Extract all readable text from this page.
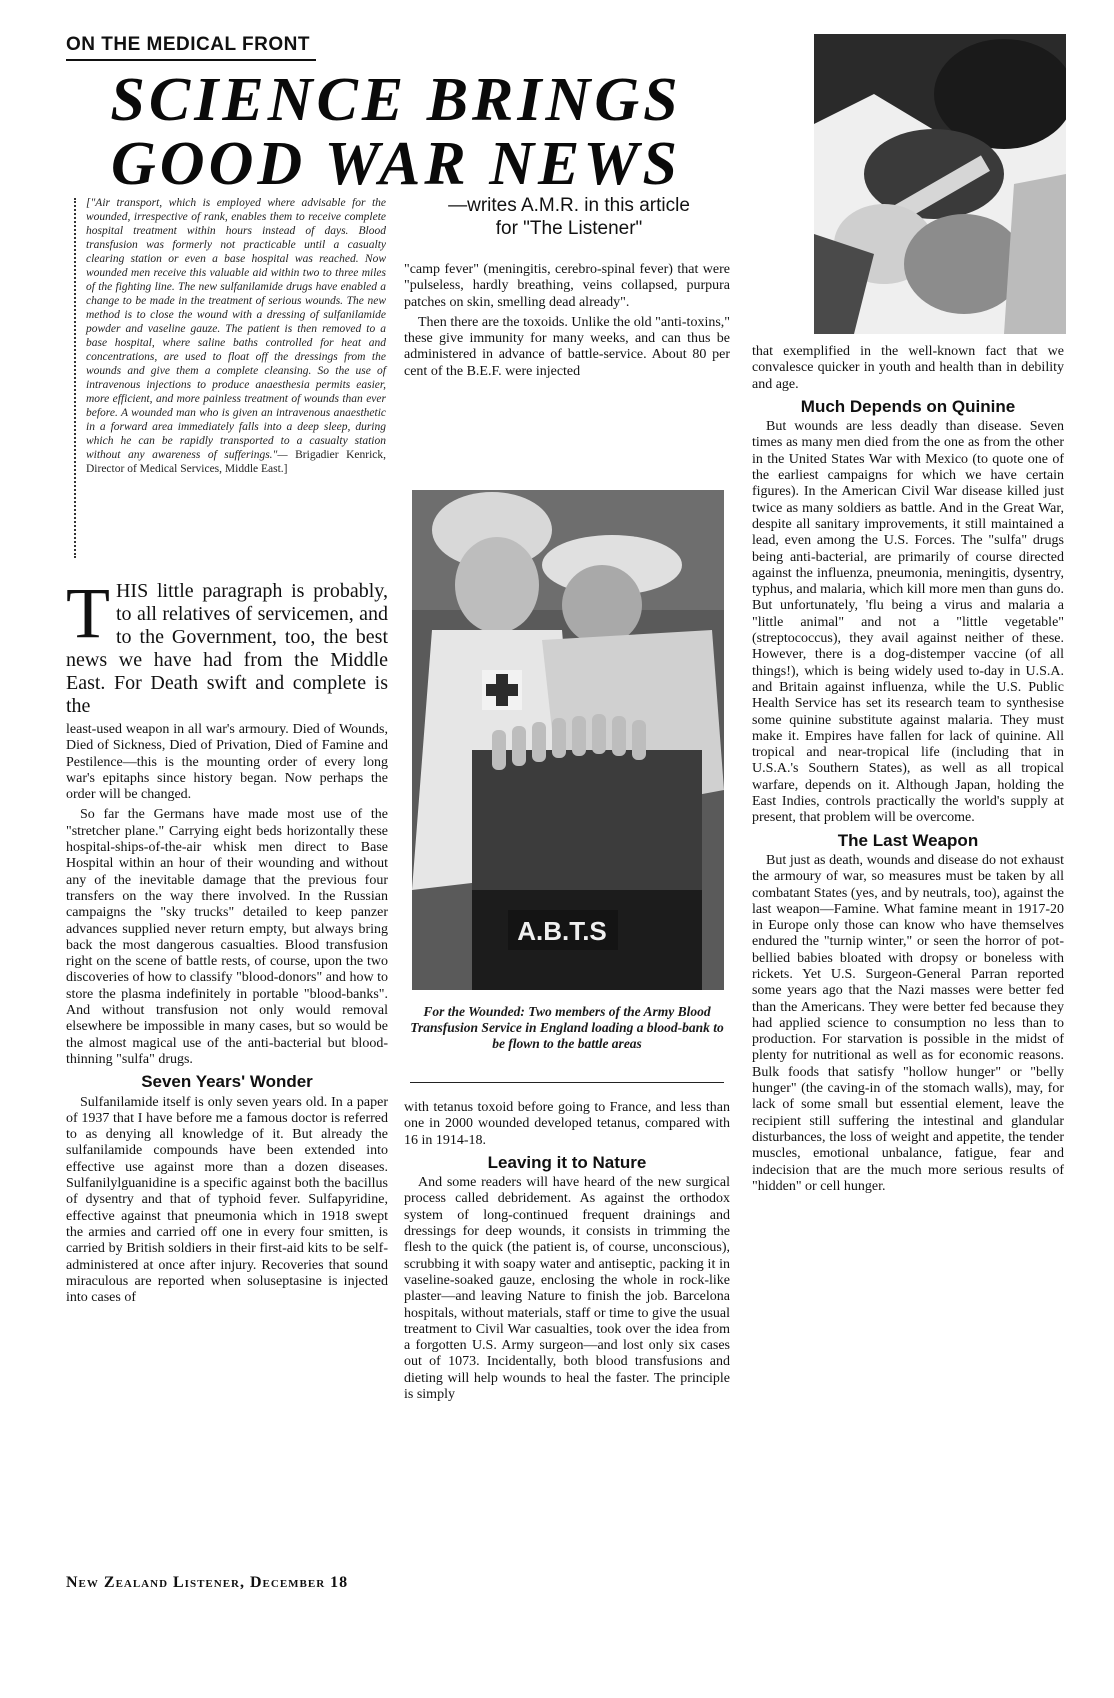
ON THE MEDICAL FRONT
SCIENCE BRINGS
GOOD WAR NEWS
["Air transport, which is employed where advisable for the wounded, irrespective of rank, enables them to receive complete hospital treatment within hours instead of days. Blood transfusion was formerly not practicable until a casualty clearing station or even a base hospital was reached. Now wounded men receive this valuable aid within two to three miles of the fighting line. The new sulfanilamide drugs have enabled a change to be made in the treatment of serious wounds. The new method is to close the wound with a dressing of sulfanilamide powder and vaseline gauze. The patient is then removed to a base hospital, where saline baths controlled for heat and concentrations, are used to float off the dressings from the wounds and give them a complete cleansing. So the use of intravenous injections to produce anaesthesia permits easier, more efficient, and more painless treatment of wounds than ever before. A wounded man who is given an intravenous anaesthetic in a forward area immediately falls into a deep sleep, during which he can be rapidly transported to a casualty station without any awareness of sufferings."— Brigadier Kenrick, Director of Medical Services, Middle East.]

THIS little paragraph is probably, to all relatives of servicemen, and to the Government, too, the best news we have had from the Middle East. For Death swift and complete is the

least-used weapon in all war's armoury. Died of Wounds, Died of Sickness, Died of Privation, Died of Famine and Pestilence—this is the mounting order of every long war's epitaphs since history began. Now perhaps the order will be changed.

So far the Germans have made most use of the "stretcher plane." Carrying eight beds horizontally these hospital-ships-of-the-air whisk men direct to Base Hospital within an hour of their wounding and without any of the inevitable damage that the previous four transfers on the way there involved. In the Russian campaigns the "sky trucks" detailed to keep panzer advances supplied never return empty, but always bring back the most dangerous casualties. Blood transfusion right on the scene of battle rests, of course, upon the two discoveries of how to classify "blood-donors" and how to store the plasma indefinitely in portable "blood-banks". And without transfusion not only would removal elsewhere be impossible in many cases, but so would be the almost magical use of the anti-bacterial but blood-thinning "sulfa" drugs.

Seven Years' Wonder

Sulfanilamide itself is only seven years old. In a paper of 1937 that I have before me a famous doctor is referred to as denying all knowledge of it. But already the sulfanilamide compounds have been extended into effective use against more than a dozen diseases. Sulfanilylguanidine is a specific against both the bacillus of dysentry and that of typhoid fever. Sulfapyridine, effective against that pneumonia which in 1918 swept the armies and carried off one in every four smitten, is carried by British soldiers in their first-aid kits to be self-administered at once after injury. Recoveries that sound miraculous are reported when soluseptasine is injected into cases of

—writes A.M.R. in this article
for "The Listener"

"camp fever" (meningitis, cerebro-spinal fever) that were "pulseless, hardly breathing, veins collapsed, purpura patches on skin, smelling dead already".

Then there are the toxoids. Unlike the old "anti-toxins," these give immunity for many weeks, and can thus be administered in advance of battle-service. About 80 per cent of the B.E.F. were injected

A.B.T.S
For the Wounded: Two members of the Army Blood Transfusion Service in England loading a blood-bank to be flown to the battle areas

with tetanus toxoid before going to France, and less than one in 2000 wounded developed tetanus, compared with 16 in 1914-18.

Leaving it to Nature

And some readers will have heard of the new surgical process called debridement. As against the orthodox system of long-continued frequent drainings and dressings for deep wounds, it consists in trimming the flesh to the quick (the patient is, of course, unconscious), scrubbing it with soapy water and antiseptic, packing it in vaseline-soaked gauze, enclosing the whole in rock-like plaster—and leaving Nature to finish the job. Barcelona hospitals, without materials, staff or time to give the usual treatment to Civil War casualties, took over the idea from a forgotten U.S. Army surgeon—and lost only six cases out of 1073. Incidentally, both blood transfusions and dieting will help wounds to heal the faster. The principle is simply

that exemplified in the well-known fact that we convalesce quicker in youth and health than in debility and age.

Much Depends on Quinine

But wounds are less deadly than disease. Seven times as many men died from the one as from the other in the United States War with Mexico (to quote one of the earliest campaigns for which we have certain figures). In the American Civil War disease killed just twice as many soldiers as battle. And in the Great War, despite all sanitary improvements, it still maintained a lead, even among the U.S. Forces. The "sulfa" drugs being anti-bacterial, are primarily of course directed against the influenza, pneumonia, meningitis, dysentry, typhus, and malaria, which kill more men than guns do. But unfortunately, 'flu being a virus and malaria a "little animal" and not a "little vegetable" (streptococcus), they avail against neither of these. However, there is a dog-distemper vaccine (of all things!), which is being widely used to-day in U.S.A. and Britain against influenza, while the U.S. Public Health Service has set its research team to synthesise some quinine substitute against malaria. They must make it. Empires have fallen for lack of quinine. All tropical and near-tropical life (including that in U.S.A.'s Southern States), as well as all tropical warfare, depends on it. Although Japan, holding the East Indies, controls practically the world's supply at present, that problem will be overcome.

The Last Weapon

But just as death, wounds and disease do not exhaust the armoury of war, so measures must be taken by all combatant States (yes, and by neutrals, too), against the last weapon—Famine. What famine meant in 1917-20 in Europe only those can know who have themselves endured the "turnip winter," or seen the horror of pot-bellied babies bloated with dropsy or boneless with rickets. Yet U.S. Surgeon-General Parran reported some years ago that the Nazi masses were better fed than the Americans. They were better fed because they had applied science to consumption no less than to production. For starvation is possible in the midst of plenty for nutritional as well as for economic reasons. Bulk foods that satisfy "hollow hunger" or "belly hunger" (the caving-in of the stomach walls), may, for lack of some small but essential element, leave the recipient still suffering the intestinal and glandular disturbances, the loss of weight and appetite, the tender muscles, emotional unbalance, fatigue, fear and indecision that are the much more serious results of "hidden" or cell hunger.

New Zealand Listener, December 18
